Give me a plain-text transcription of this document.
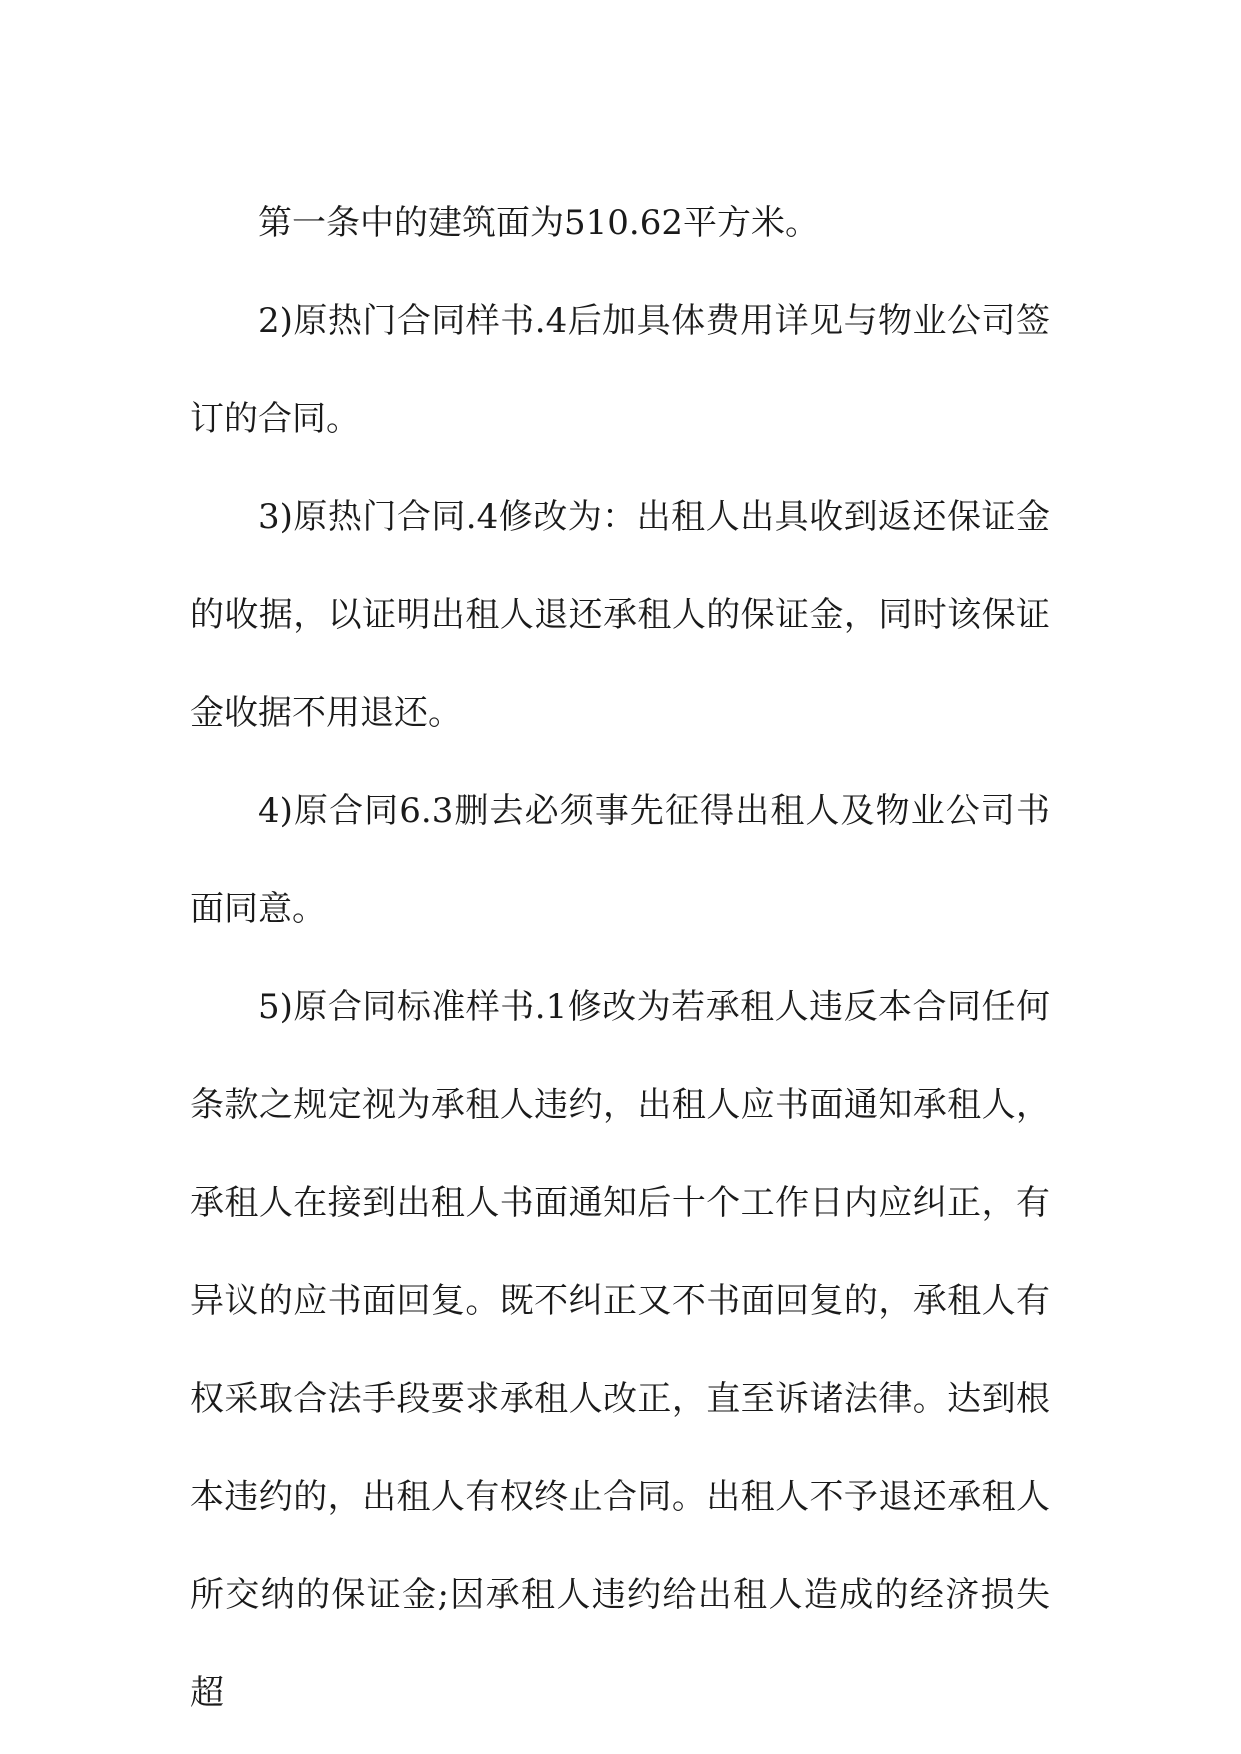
第一条中的建筑面为510.62平方米。

2)原热门合同样书.4后加具体费用详见与物业公司签订的合同。

3)原热门合同.4修改为：出租人出具收到返还保证金的收据，以证明出租人退还承租人的保证金，同时该保证金收据不用退还。

4)原合同6.3删去必须事先征得出租人及物业公司书面同意。

5)原合同标准样书.1修改为若承租人违反本合同任何条款之规定视为承租人违约，出租人应书面通知承租人，承租人在接到出租人书面通知后十个工作日内应纠正，有异议的应书面回复。既不纠正又不书面回复的，承租人有权采取合法手段要求承租人改正，直至诉诸法律。达到根本违约的，出租人有权终止合同。出租人不予退还承租人所交纳的保证金;因承租人违约给出租人造成的经济损失超
